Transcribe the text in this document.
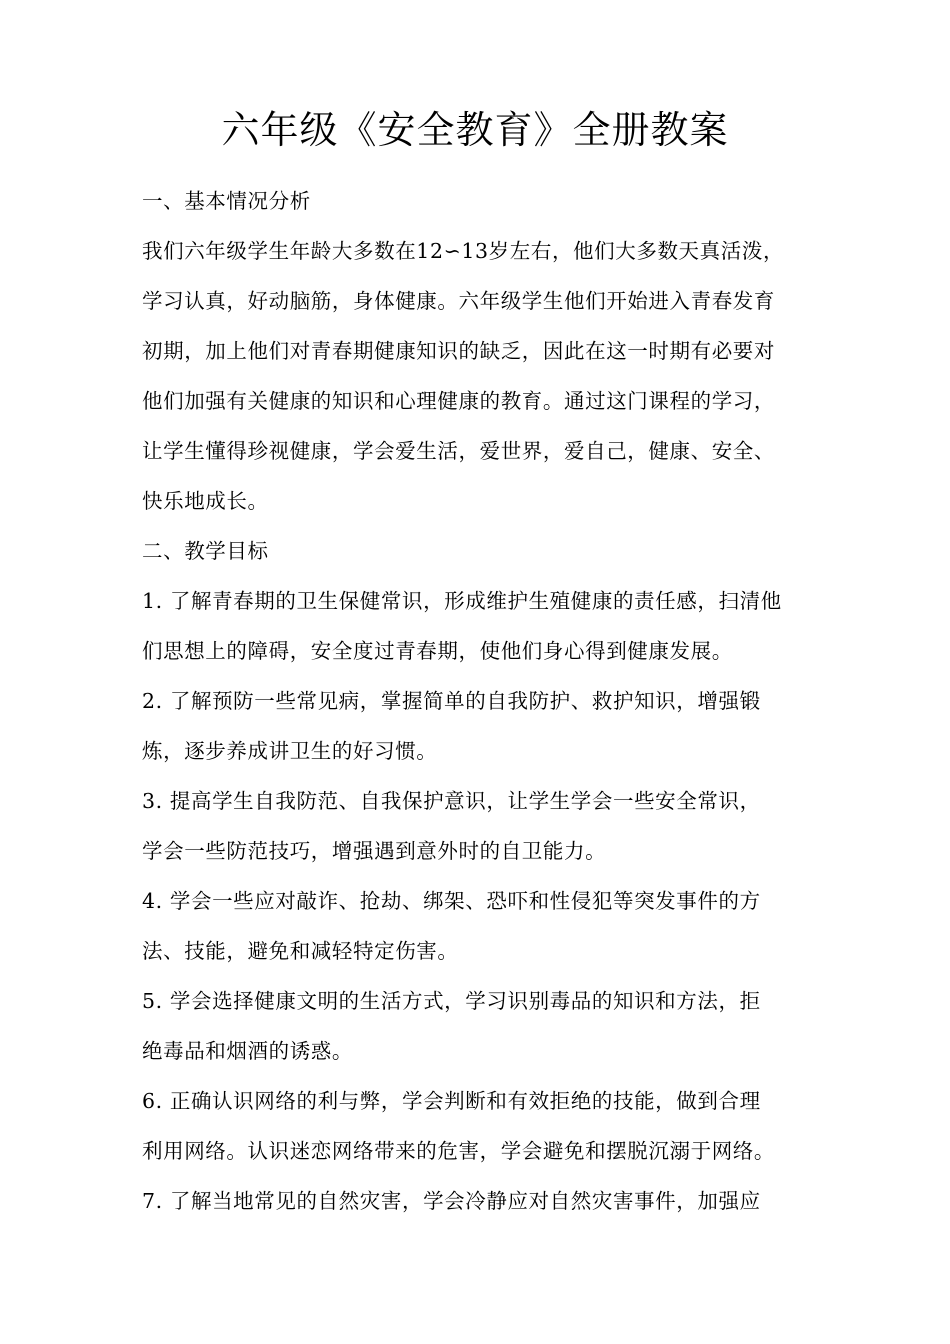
六年级《安全教育》全册教案
一、基本情况分析
我们六年级学生年龄大多数在12∽13岁左右，他们大多数天真活泼，
学习认真，好动脑筋，身体健康。六年级学生他们开始进入青春发育
初期，加上他们对青春期健康知识的缺乏，因此在这一时期有必要对
他们加强有关健康的知识和心理健康的教育。通过这门课程的学习，
让学生懂得珍视健康，学会爱生活，爱世界，爱自己，健康、安全、
快乐地成长。
二、教学目标
1. 了解青春期的卫生保健常识，形成维护生殖健康的责任感，扫清他
们思想上的障碍，安全度过青春期，使他们身心得到健康发展。
2. 了解预防一些常见病，掌握简单的自我防护、救护知识，增强锻
炼，逐步养成讲卫生的好习惯。
3. 提高学生自我防范、自我保护意识，让学生学会一些安全常识，
学会一些防范技巧，增强遇到意外时的自卫能力。
4. 学会一些应对敲诈、抢劫、绑架、恐吓和性侵犯等突发事件的方
法、技能，避免和减轻特定伤害。
5. 学会选择健康文明的生活方式，学习识别毒品的知识和方法，拒
绝毒品和烟酒的诱惑。
6. 正确认识网络的利与弊，学会判断和有效拒绝的技能，做到合理
利用网络。认识迷恋网络带来的危害，学会避免和摆脱沉溺于网络。
7. 了解当地常见的自然灾害，学会冷静应对自然灾害事件，加强应
